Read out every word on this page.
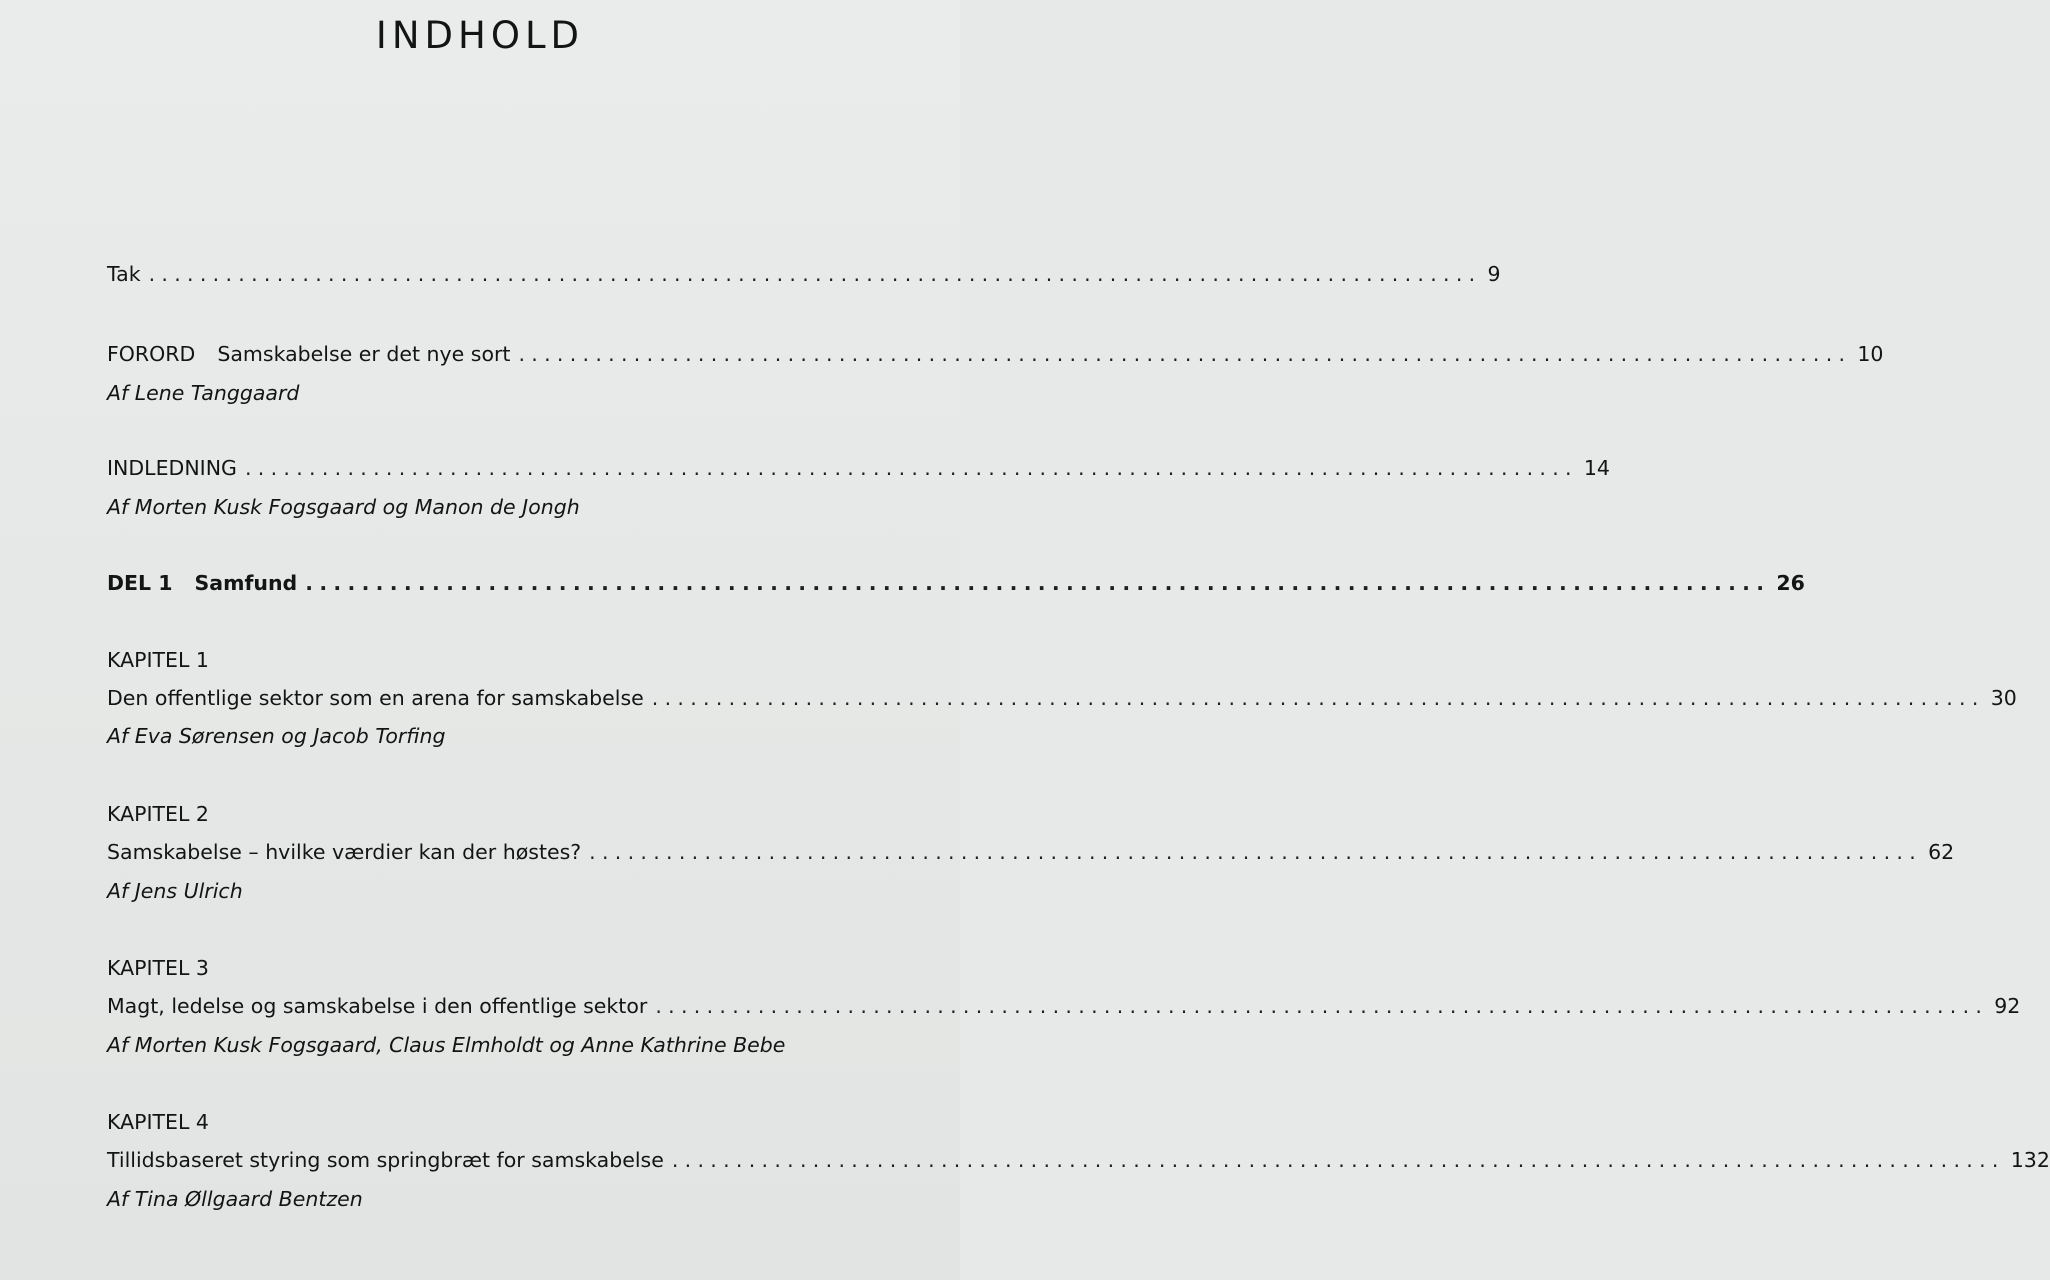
INDHOLD
Tak ........................................................................................................ 9
FORORD Samskabelse er det nye sort ........................................................................................................ 10
Af Lene Tanggaard
INDLEDNING ........................................................................................................ 14
Af Morten Kusk Fogsgaard og Manon de Jongh
DEL 1 Samfund ........................................................................................................ 26
KAPITEL 1
Den offentlige sektor som en arena for samskabelse ........................................................................................................ 30
Af Eva Sørensen og Jacob Torfing
KAPITEL 2
Samskabelse – hvilke værdier kan der høstes? ........................................................................................................ 62
Af Jens Ulrich
KAPITEL 3
Magt, ledelse og samskabelse i den offentlige sektor ........................................................................................................ 92
Af Morten Kusk Fogsgaard, Claus Elmholdt og Anne Kathrine Bebe
KAPITEL 4
Tillidsbaseret styring som springbræt for samskabelse ........................................................................................................ 132
Af Tina Øllgaard Bentzen
